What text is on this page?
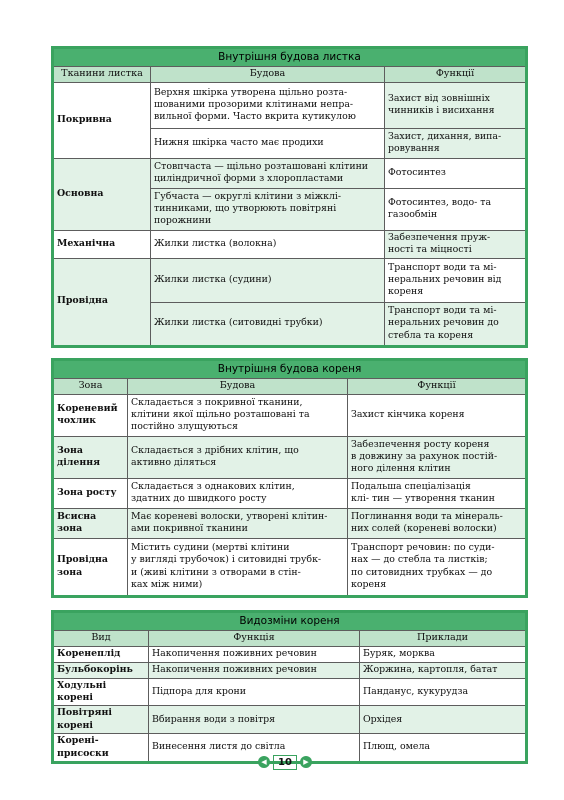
Внутрішня будова листка		
Тканини листка	Будова	Функції
Покривна	Верхня шкірка утворена щільно розта-
шованими прозорими клітинами непра-
вильної форми. Часто вкрита кутикулою	Захист від зовнішніх
чинників і висихання
	Нижня шкірка часто має продихи	Захист, дихання, випа-
ровування
Основна	Стовпчаста — щільно розташовані клітини
циліндричної форми з хлоропластами	Фотосинтез
	Губчаста — округлі клітини з міжклі-
тинниками, що утворюють повітряні
порожнини	Фотосинтез, водо- та
газообмін
Механічна	Жилки листка (волокна)	Забезпечення пруж-
ності та міцності
Провідна	Жилки листка (судини)	Транспорт води та мі-
неральних речовин від
кореня
	Жилки листка (ситовидні трубки)	Транспорт води та мі-
неральних речовин до
стебла та кореня
Внутрішня будова кореня		
Зона	Будова	Функції
Кореневий
чохлик	Складається з покривної тканини,
клітини якої щільно розташовані та
постійно злущуються	Захист кінчика кореня
Зона
ділення	Складається з дрібних клітин, що
активно діляться	Забезпечення росту кореня
в довжину за рахунок постій-
ного ділення клітин
Зона росту	Складається з однакових клітин,
здатних до швидкого росту	Подальша спеціалізація
клі- тин — утворення тканин
Всисна
зона	Має кореневі волоски, утворені клітин-
ами покривної тканини	Поглинання води та мінераль-
них солей (кореневі волоски)
Провідна
зона	Містить судини (мертві клітини
у вигляді трубочок) і ситовидні трубк-
и (живі клітини з отворами в стін-
ках між ними)	Транспорт речовин: по суди-
нах — до стебла та листків;
по ситовидних трубках — до
кореня
Видозміни кореня		
Вид	Функція	Приклади
Коренеплід	Накопичення поживних речовин	Буряк, морква
Бульбокорінь	Накопичення поживних речовин	Жоржина, картопля, батат
Ходульні корені	Підпора для крони	Панданус, кукурудза
Повітряні корені	Вбирання води з повітря	Орхідея
Корені-присоски	Винесення листя до світла	Плющ, омела
◀	10	▶
